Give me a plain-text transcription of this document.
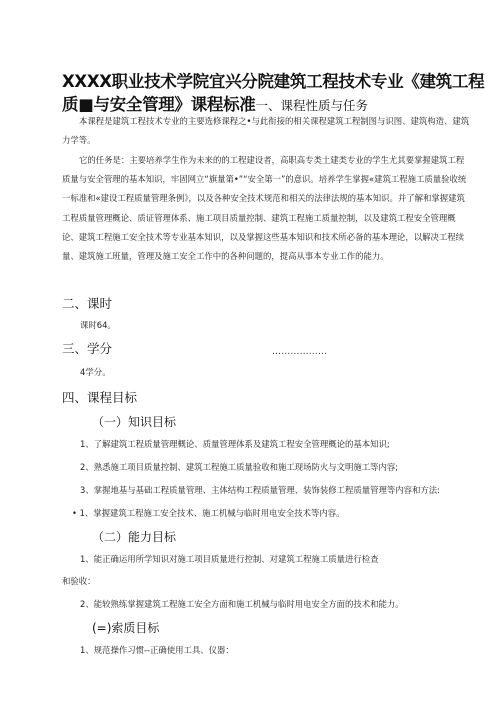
XXXX职业技术学院宜兴分院建筑工程技术专业《建筑工程质■与安全管理》课程标准一、课程性质与任务
本课程是建筑工程技术专业的主要选修课程之•与此衔接的相关课程建筑工程制图与识图、建筑构造、建筑力学等。
它的任务是：主要培养学生作为未来的的工程建设者，高职高专类土建类专业的学生尤其要掌握建筑工程质量与安全管理的基本知识，牢固网立“旗量第•”“安全第一”的意识。培养学生掌握«建筑工程施工质量验收统一标准和«建设工程质量管理条例》，以及各种安全技术规范和相关的法律法规的基本知识。并了解和掌握建筑工程质量管理概论、质证管理体系、施工项目质量控制、建筑工程施工质量控制，以及建筑工程安全管理概论、建筑工程施工安全技术等专业基本知识，以及掌握这些基本知识和技术所必备的基本理论，以解决工程续量、建筑施工班量，管理及施工安全工作中的各种问题的，提高从事本专业工作的能力。
二、课时
课时64。
三、学分	………………
4学分。
四、课程目标
（一）知识目标
1、了解建筑工程质量管理概论、质量管理体系及建筑工程安全管理概论的基本知识;
2、熟悉施工项目质量控制、建筑工程施工质量验收和施工现场防火与文明施工等内容;
3、掌握地基与基础工程质量管理、主体结构工程质量管理、装饰装修工程质量管理等内容和方法:
• 1、掌握建筑工程施工安全技术、施工机械与临时用电安全技术等内容。
（二）能力目标
1、能正确运用所学知识对施工项目质量进行控制、对建筑工程施工质量进行检查
和验收：
2、能较熟练掌握建筑工程施工安全方面和施工机械与临时用电安全方面的技术和能力。
(=)索质目标
1、规范操作习惯--正确使用工具、仪器：
